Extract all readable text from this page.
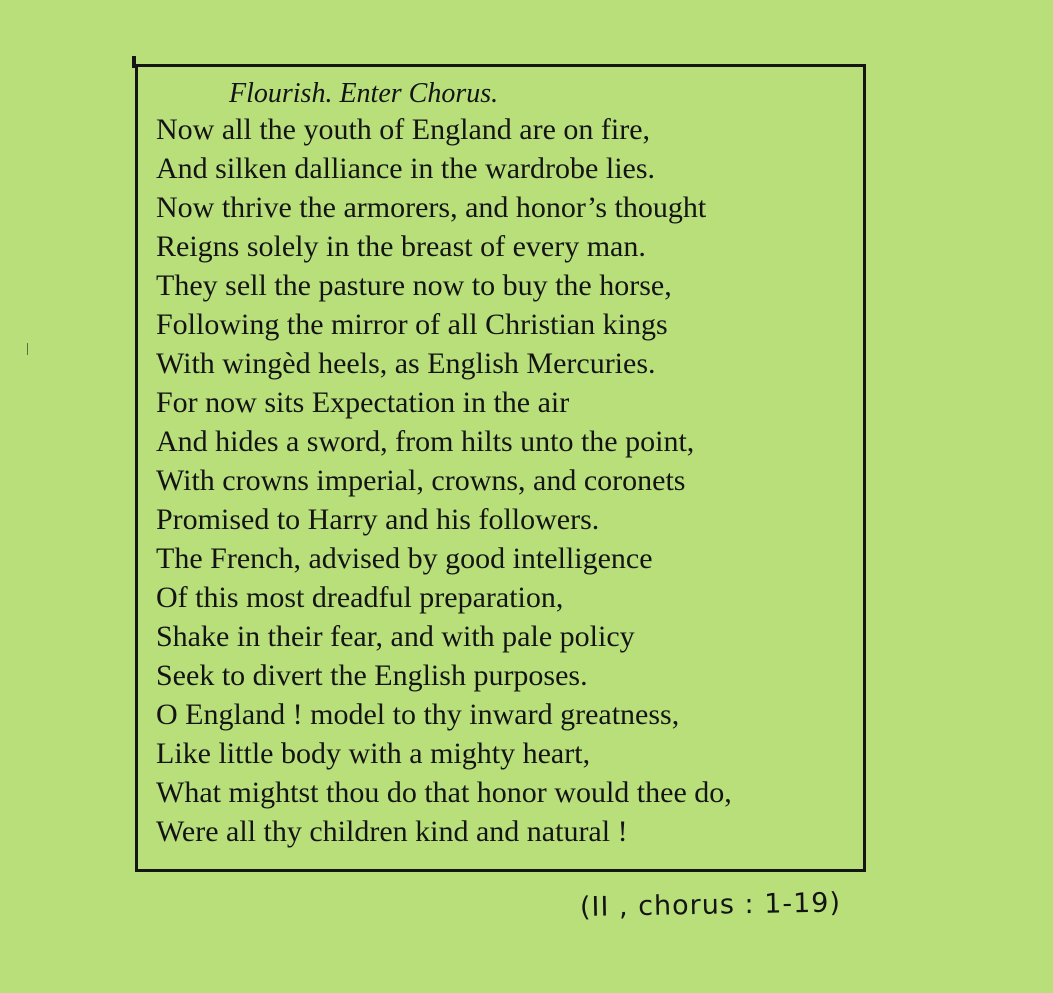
Flourish. Enter Chorus.
Now all the youth of England are on fire,
And silken dalliance in the wardrobe lies.
Now thrive the armorers, and honor’s thought
Reigns solely in the breast of every man.
They sell the pasture now to buy the horse,
Following the mirror of all Christian kings
With wingèd heels, as English Mercuries.
For now sits Expectation in the air
And hides a sword, from hilts unto the point,
With crowns imperial, crowns, and coronets
Promised to Harry and his followers.
The French, advised by good intelligence
Of this most dreadful preparation,
Shake in their fear, and with pale policy
Seek to divert the English purposes.
O England ! model to thy inward greatness,
Like little body with a mighty heart,
What mightst thou do that honor would thee do,
Were all thy children kind and natural !
(II , chorus : 1-19)
